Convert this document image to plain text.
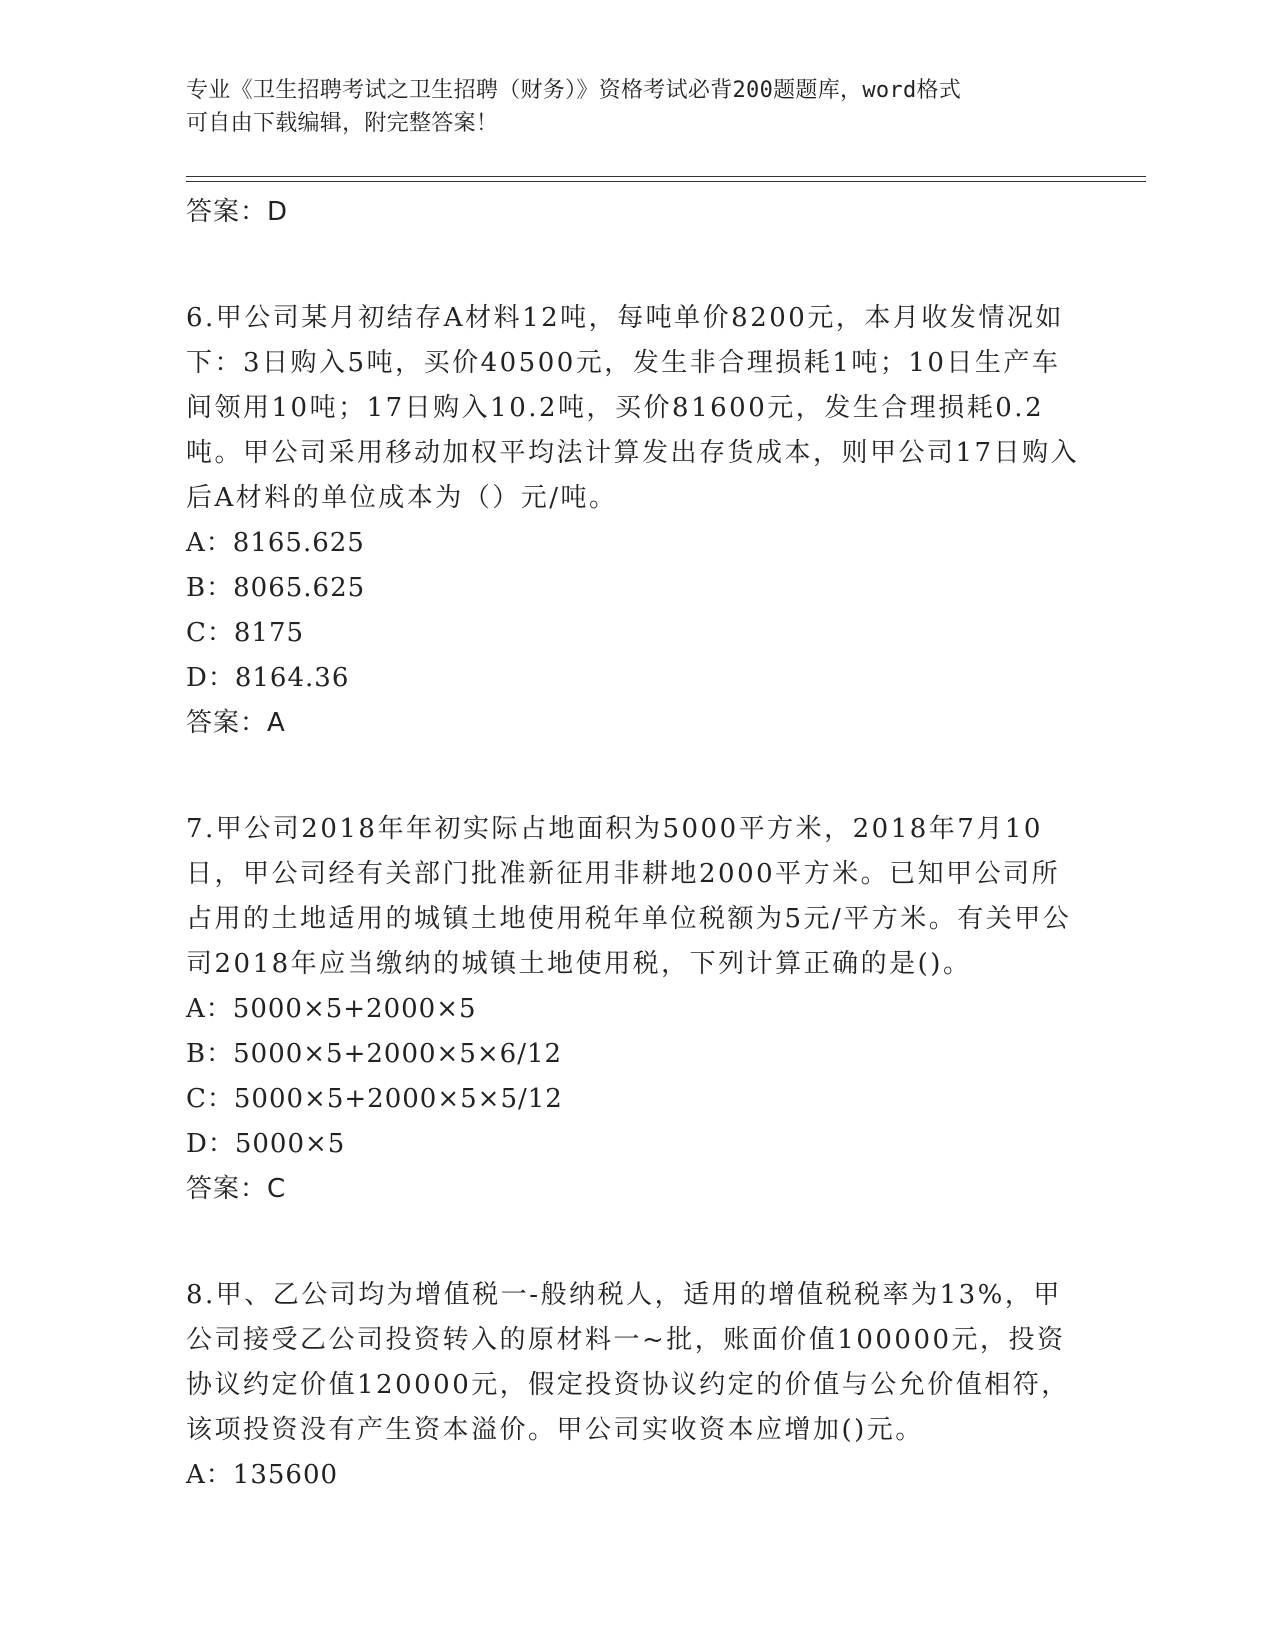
专业《卫生招聘考试之卫生招聘（财务）》资格考试必背200题题库，word格式
可自由下载编辑，附完整答案！
答案：D
6.甲公司某月初结存A材料12吨，每吨单价8200元，本月收发情况如下：3日购入5吨，买价40500元，发生非合理损耗1吨；10日生产车间领用10吨；17日购入10.2吨，买价81600元，发生合理损耗0.2吨。甲公司采用移动加权平均法计算发出存货成本，则甲公司17日购入后A材料的单位成本为（）元/吨。
A：8165.625
B：8065.625
C：8175
D：8164.36
答案：A
7.甲公司2018年年初实际占地面积为5000平方米，2018年7月10日，甲公司经有关部门批准新征用非耕地2000平方米。已知甲公司所占用的土地适用的城镇土地使用税年单位税额为5元/平方米。有关甲公司2018年应当缴纳的城镇土地使用税，下列计算正确的是()。
A：5000×5+2000×5
B：5000×5+2000×5×6/12
C：5000×5+2000×5×5/12
D：5000×5
答案：C
8.甲、乙公司均为增值税一-般纳税人，适用的增值税税率为13%，甲公司接受乙公司投资转入的原材料一~批，账面价值100000元，投资协议约定价值120000元，假定投资协议约定的价值与公允价值相符，该项投资没有产生资本溢价。甲公司实收资本应增加()元。
A：135600
